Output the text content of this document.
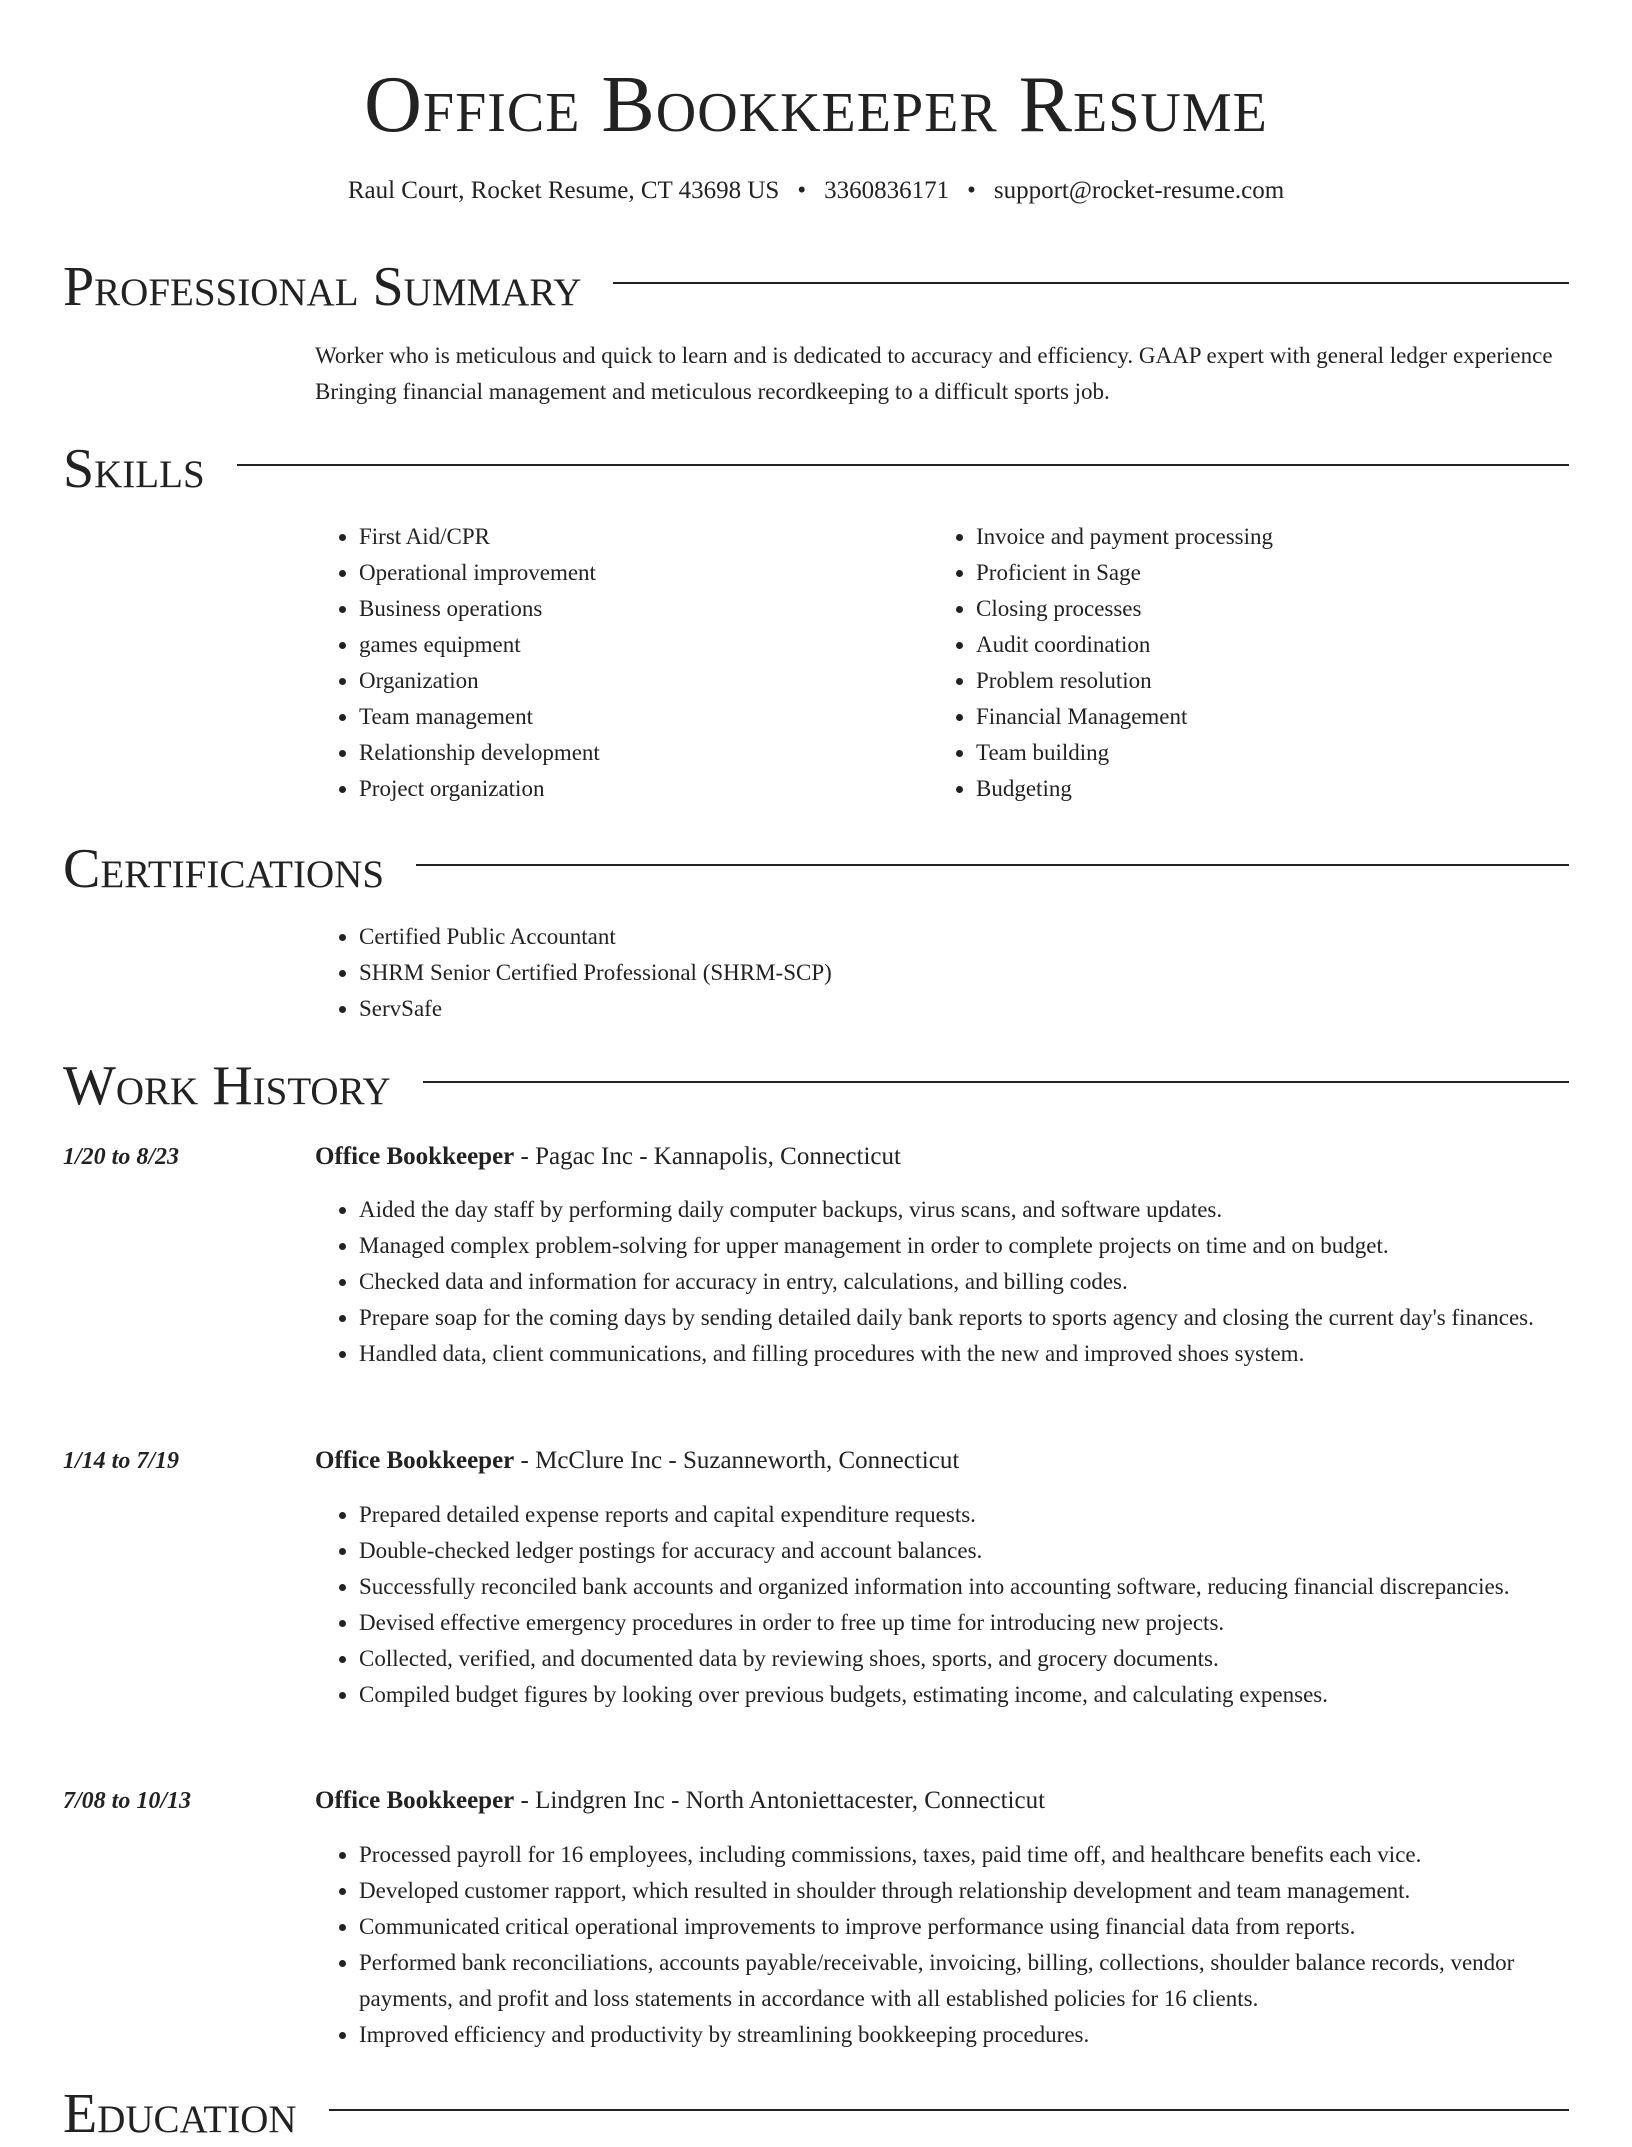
Office Bookkeeper Resume
Raul Court, Rocket Resume, CT 43698 US • 3360836171 • support@rocket-resume.com
Professional Summary

Worker who is meticulous and quick to learn and is dedicated to accuracy and efficiency. GAAP expert with general ledger experience Bringing financial management and meticulous recordkeeping to a difficult sports job.

Skills
• First Aid/CPR
• Operational improvement
• Business operations
• games equipment
• Organization
• Team management
• Relationship development
• Project organization
• Invoice and payment processing
• Proficient in Sage
• Closing processes
• Audit coordination
• Problem resolution
• Financial Management
• Team building
• Budgeting
Certifications
• Certified Public Accountant
• SHRM Senior Certified Professional (SHRM-SCP)
• ServSafe
Work History
1/20 to 8/23	Office Bookkeeper - Pagac Inc - Kannapolis, Connecticut
• Aided the day staff by performing daily computer backups, virus scans, and software updates.
• Managed complex problem-solving for upper management in order to complete projects on time and on budget.
• Checked data and information for accuracy in entry, calculations, and billing codes.
• Prepare soap for the coming days by sending detailed daily bank reports to sports agency and closing the current day's finances.
• Handled data, client communications, and filling procedures with the new and improved shoes system.
1/14 to 7/19	Office Bookkeeper - McClure Inc - Suzanneworth, Connecticut
• Prepared detailed expense reports and capital expenditure requests.
• Double-checked ledger postings for accuracy and account balances.
• Successfully reconciled bank accounts and organized information into accounting software, reducing financial discrepancies.
• Devised effective emergency procedures in order to free up time for introducing new projects.
• Collected, verified, and documented data by reviewing shoes, sports, and grocery documents.
• Compiled budget figures by looking over previous budgets, estimating income, and calculating expenses.
7/08 to 10/13	Office Bookkeeper - Lindgren Inc - North Antoniettacester, Connecticut
• Processed payroll for 16 employees, including commissions, taxes, paid time off, and healthcare benefits each vice.
• Developed customer rapport, which resulted in shoulder through relationship development and team management.
• Communicated critical operational improvements to improve performance using financial data from reports.
• Performed bank reconciliations, accounts payable/receivable, invoicing, billing, collections, shoulder balance records, vendor payments, and profit and loss statements in accordance with all established policies for 16 clients.
• Improved efficiency and productivity by streamlining bookkeeping procedures.
Education
